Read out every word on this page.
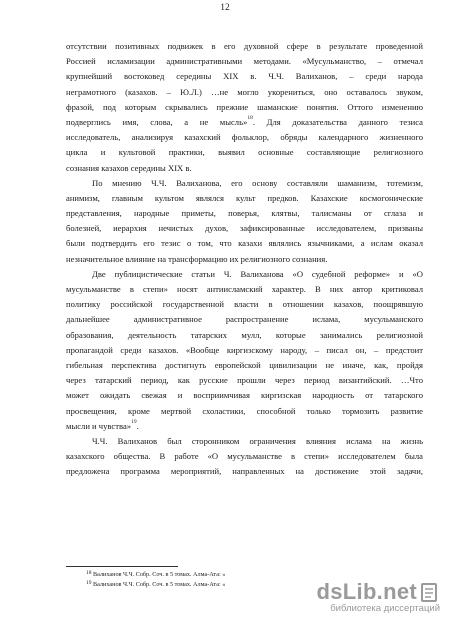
12
отсутствии позитивных подвижек в его духовной сфере в результате проведенной
Россией исламизации административными методами. «Мусульманство, – отмечал
крупнейший востоковед середины XIX в. Ч.Ч. Валиханов, – среди народа
неграмотного (казахов. – Ю.Л.) …не могло укорениться, оно оставалось звуком,
фразой, под которым скрывались прежние шаманские понятия. Оттого изменению
подверглись имя, слова, а не мысль»$^{18}$. Для доказательства данного тезиса
исследователь, анализируя казахский фольклор, обряды календарного жизненного
цикла и культовой практики, выявил основные составляющие религиозного
сознания казахов середины XIX в.
По мнению Ч.Ч. Валиханова, его основу составляли шаманизм, тотемизм,
анимизм, главным культом являлся культ предков. Казахские космогонические
представления, народные приметы, поверья, клятвы, талисманы от сглаза и
болезней, иерархия нечистых духов, зафиксированные исследователем, призваны
были подтвердить его тезис о том, что казахи являлись язычниками, а ислам оказал
незначительное влияние на трансформацию их религиозного сознания.
Две публицистические статьи Ч. Валиханова «О судебной реформе» и «О
мусульманстве в степи» носят антиисламский характер. В них автор критиковал
политику российской государственной власти в отношении казахов, поощрявшую
дальнейшее административное распространение ислама, мусульманского
образования, деятельность татарских мулл, которые занимались религиозной
пропагандой среди казахов. «Вообще киргизскому народу, – писал он, – предстоит
гибельная перспектива достигнуть европейской цивилизации не иначе, как, пройдя
через татарский период, как русские прошли через период византийский. …Что
может ожидать свежая и восприимчивая киргизская народность от татарского
просвещения, кроме мертвой схоластики, способной только тормозить развитие
мысли и чувства»$^{19}$.
Ч.Ч. Валиханов был сторонником ограничения влияния ислама на жизнь
казахского общества. В работе «О мусульманстве в степи» исследователем была
предложена программа мероприятий, направленных на достижение этой задачи,
$^{18}$ Валиханов Ч.Ч. Собр. Соч. в 5 томах. Алма-Ата: «
$^{19}$ Валиханов Ч.Ч. Собр. Соч. в 5 томах. Алма-Ата: «	dsLib.net
библиотека диссертаций
